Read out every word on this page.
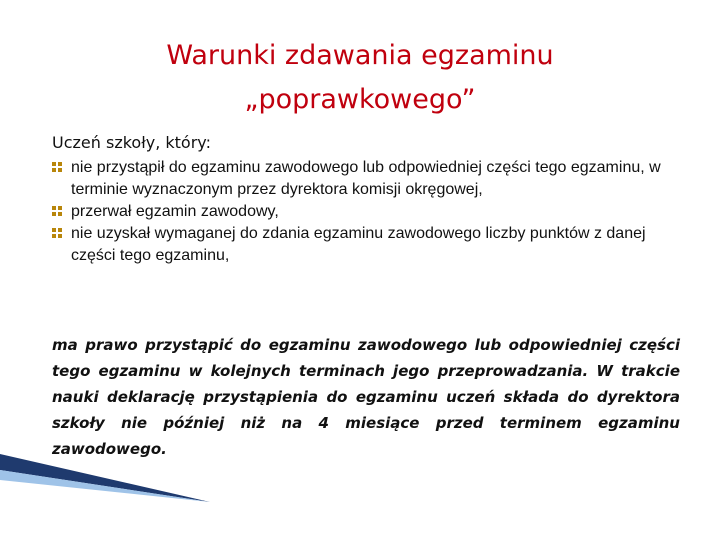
Warunki zdawania egzaminu
„poprawkowego”
Uczeń szkoły, który:
nie przystąpił do egzaminu zawodowego lub odpowiedniej części tego egzaminu, w terminie wyznaczonym przez dyrektora komisji okręgowej,
przerwał egzamin zawodowy,
nie uzyskał wymaganej do zdania egzaminu zawodowego liczby punktów z danej części tego egzaminu,

ma prawo przystąpić do egzaminu zawodowego lub odpowiedniej części tego egzaminu w kolejnych terminach jego przeprowadzania. W trakcie nauki deklarację przystąpienia do egzaminu uczeń składa do dyrektora szkoły nie później niż na 4 miesiące przed terminem egzaminu zawodowego.
